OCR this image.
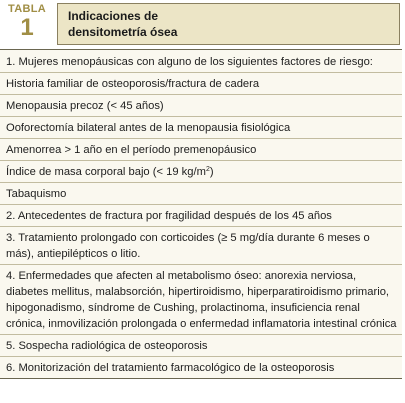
TABLA
1	Indicaciones de densitometría ósea
1. Mujeres menopáusicas con alguno de los siguientes factores de riesgo:
Historia familiar de osteoporosis/fractura de cadera
Menopausia precoz (< 45 años)
Ooforectomía bilateral antes de la menopausia fisiológica
Amenorrea > 1 año en el período premenopáusico
Índice de masa corporal bajo (< 19 $kg/m^2$)
Tabaquismo
2. Antecedentes de fractura por fragilidad después de los 45 años
3. Tratamiento prolongado con corticoides (≥ 5 mg/día durante 6 meses o más), antiepilépticos o litio.
4. Enfermedades que afecten al metabolismo óseo: anorexia nerviosa, diabetes mellitus, malabsorción, hipertiroidismo, hiperparatiroidismo primario, hipogonadismo, síndrome de Cushing, prolactinoma, insuficiencia renal crónica, inmovilización prolongada o enfermedad inflamatoria intestinal crónica
5. Sospecha radiológica de osteoporosis
6. Monitorización del tratamiento farmacológico de la osteoporosis
